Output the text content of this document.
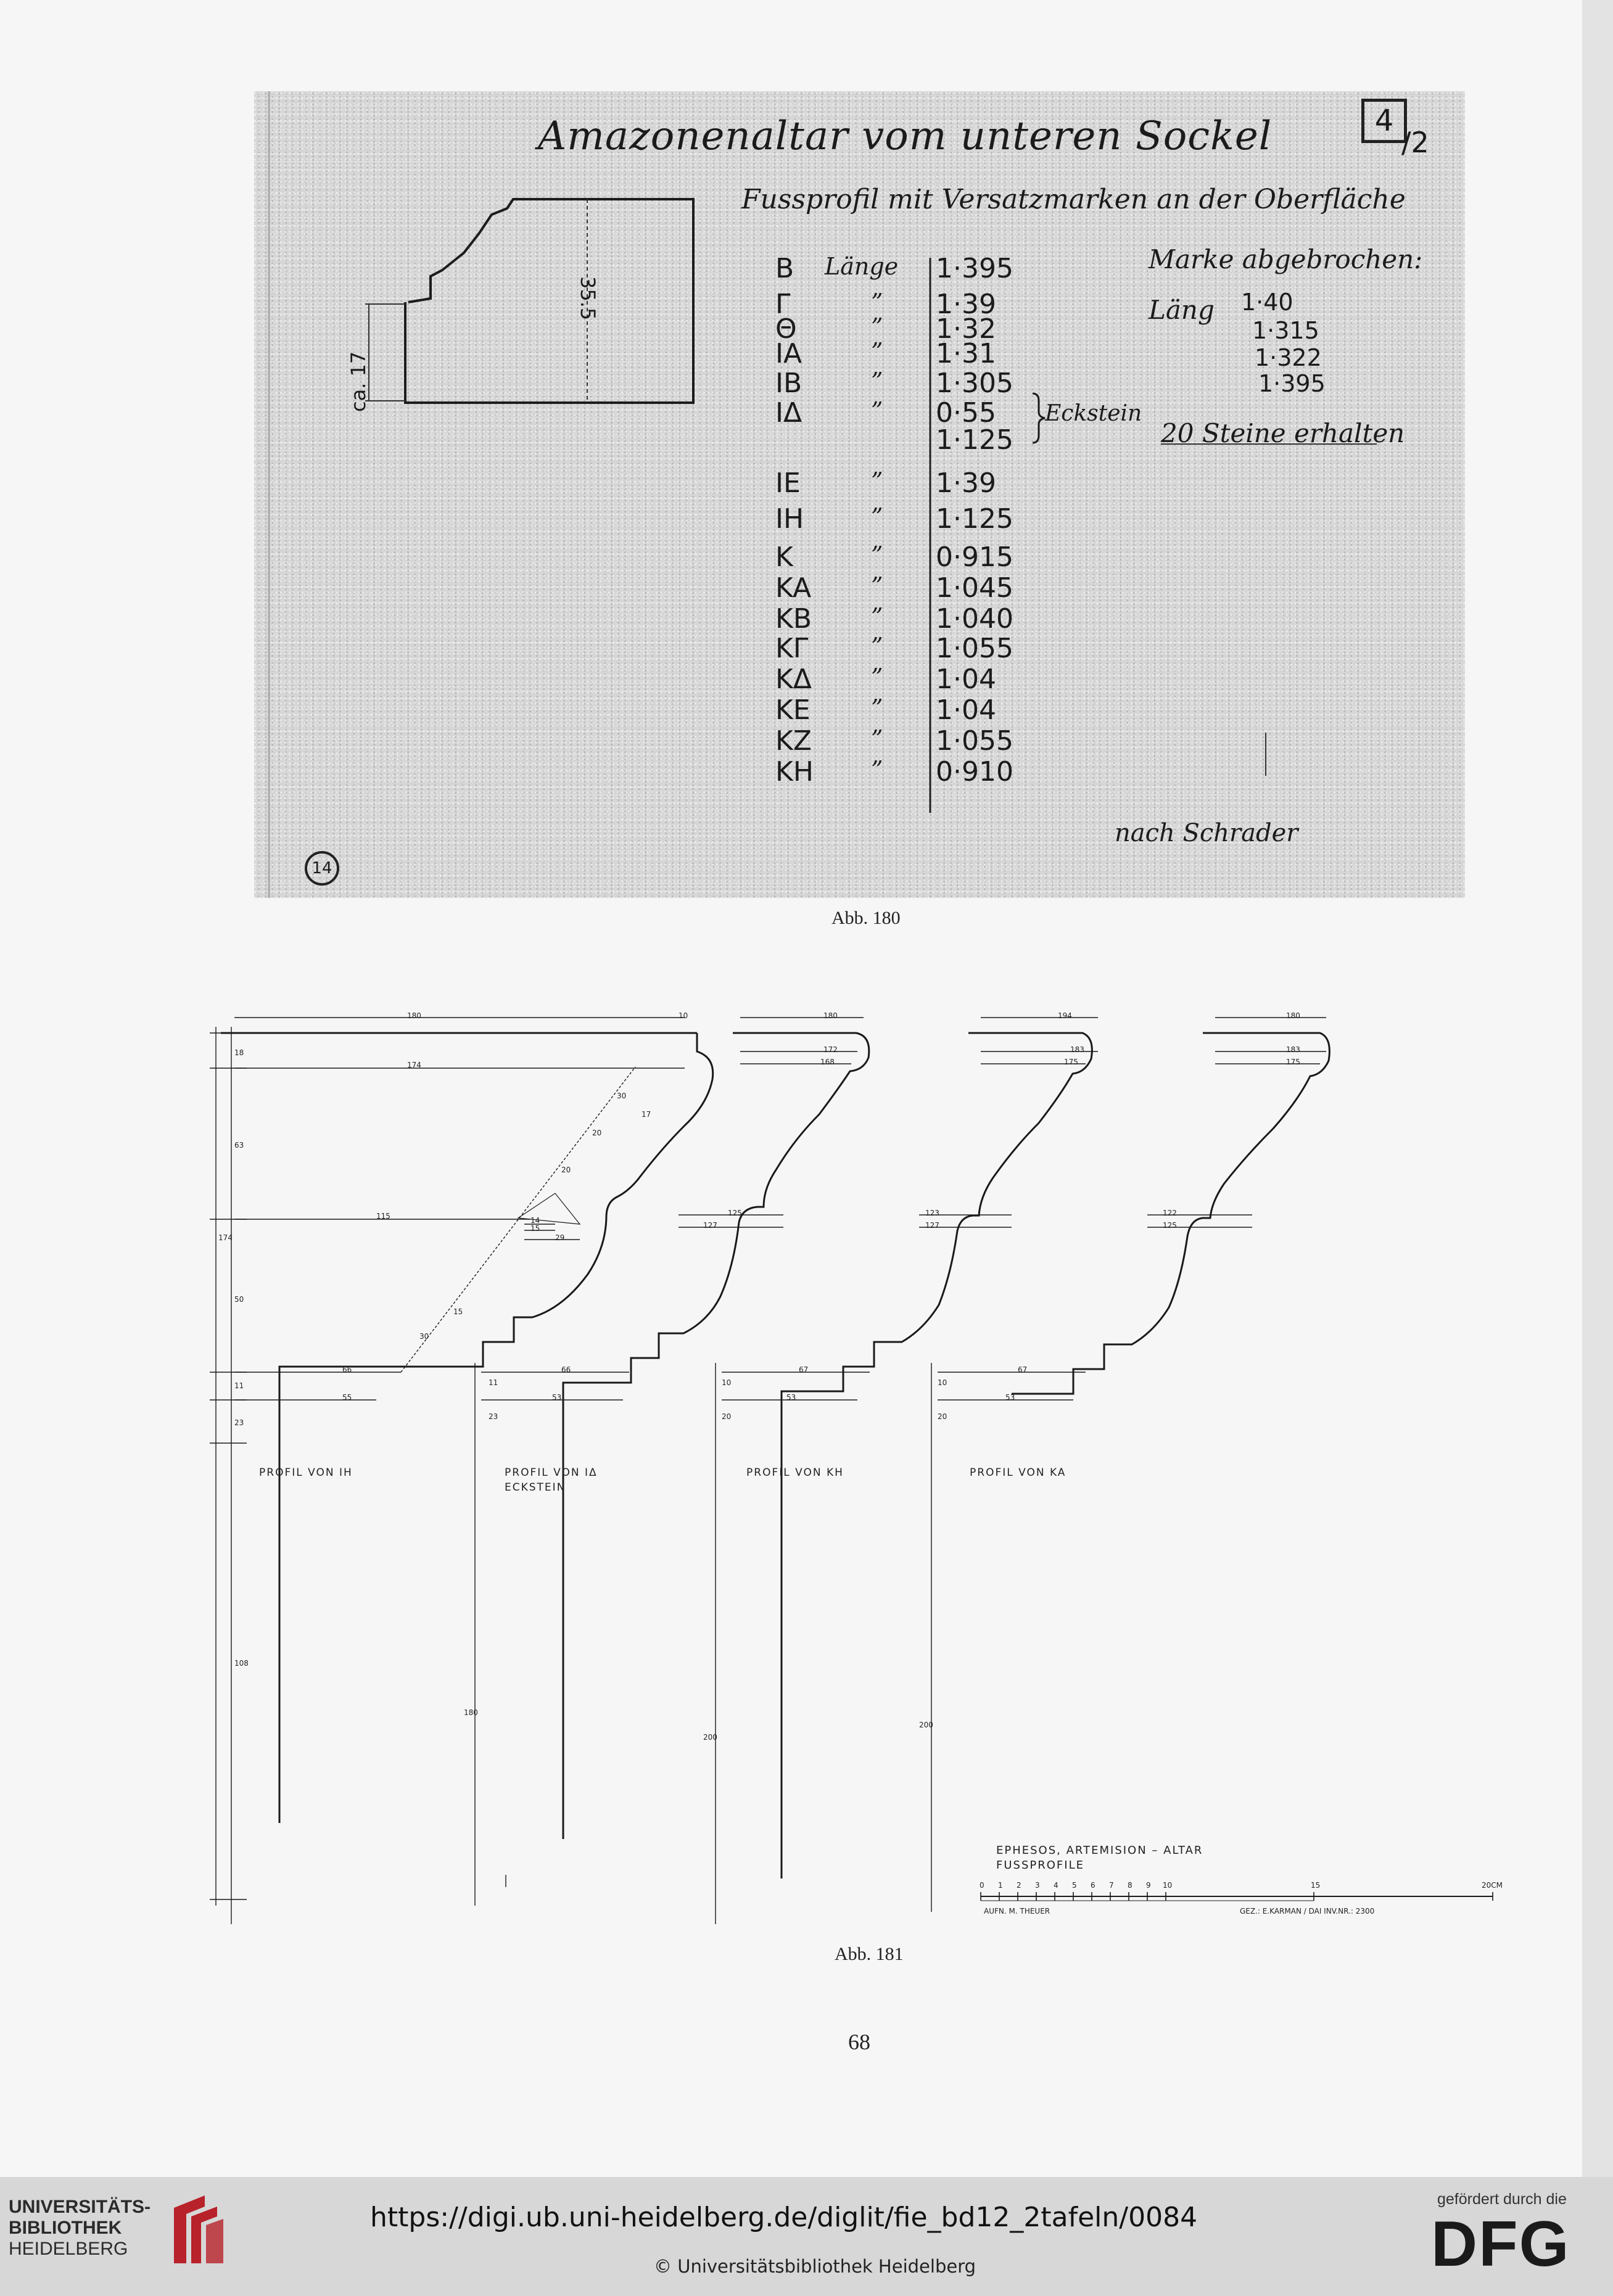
Amazonenaltar vom unteren Sockel	4
/2
Fussprofil mit Versatzmarken an der Oberfläche
35.5
ca. 17
B Länge 1·395
Γ	” 1·39
Θ	” 1·32
IA	” 1·31
IB	” 1·305
IΔ	” 0·55
1·125
IE	” 1·39
IH	” 1·125
K	” 0·915
KA	” 1·045
KB	” 1·040
KΓ	” 1·055
KΔ	” 1·04
KE	” 1·04
KZ	” 1·055
KH ” 0·910
Eckstein
Marke abgebrochen:
Läng 1·40
1·315
1·322
1·395
20 Steine erhalten
nach Schrader
14
Abb. 180
PROFIL VON IH	PROFIL VON IΔ
ECKSTEIN
PROFIL VON KH	PROFIL VON KA
180	10
174
115
66
55
29
15
14
18
63
50
11
23
108
174
30
20
20
17
30
15
180
172
168
125
127
66
53
11
23
180
194
183
175
123
127
67
53
10
20
200
180
183
175
122
125
67
53
10
20
200
EPHESOS, ARTEMISION – ALTAR
FUSSPROFILE
0 1 2 3 4 5 6 7 8 9 10	15	20CM
AUFN. M. THEUER	GEZ.: E.KARMAN / DAI INV.NR.: 2300
Abb. 181
68
UNIVERSITÄTS-
BIBLIOTHEK
HEIDELBERG
https://digi.ub.uni-heidelberg.de/diglit/fie_bd12_2tafeln/0084
© Universitätsbibliothek Heidelberg
gefördert durch die
DFG
